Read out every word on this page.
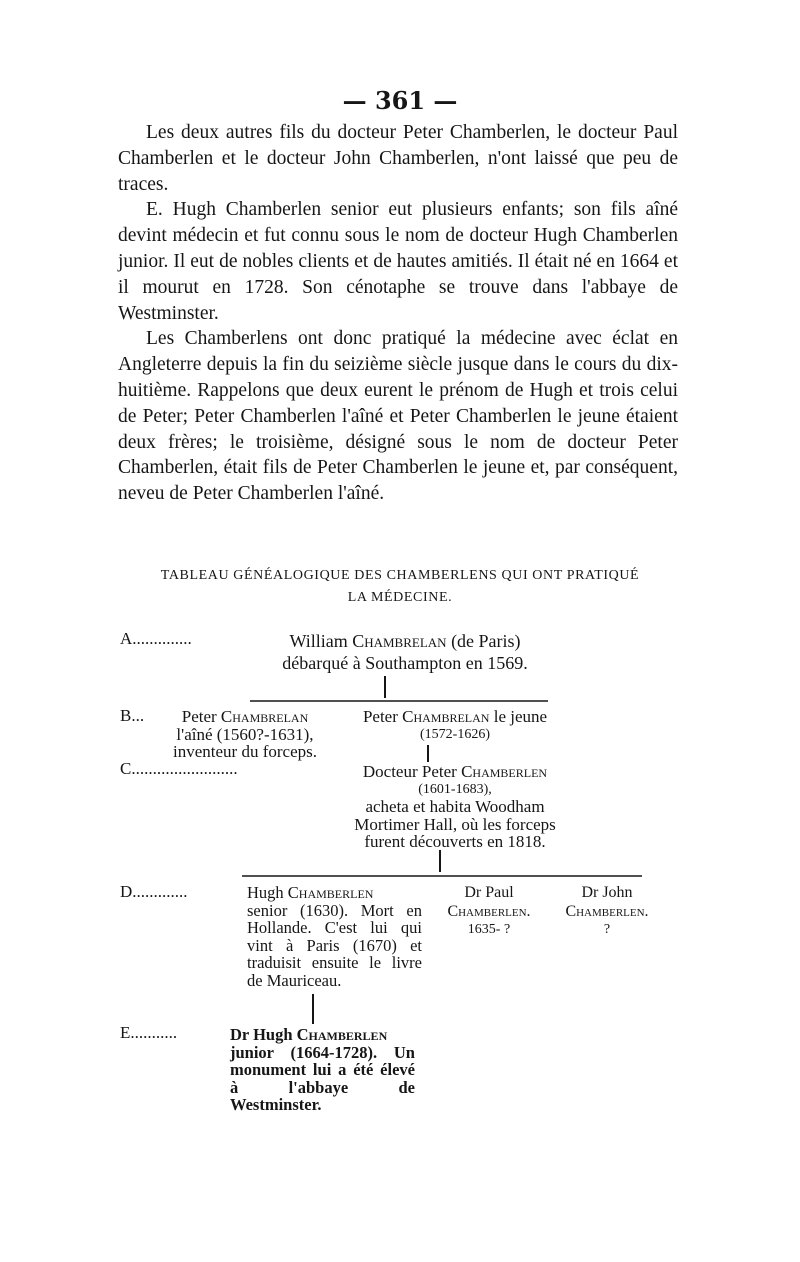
— 361 —

Les deux autres fils du docteur Peter Chamberlen, le docteur Paul Chamberlen et le docteur John Chamberlen, n'ont laissé que peu de traces.

E. Hugh Chamberlen senior eut plusieurs enfants; son fils aîné devint médecin et fut connu sous le nom de docteur Hugh Chamberlen junior. Il eut de nobles clients et de hautes amitiés. Il était né en 1664 et il mourut en 1728. Son cénotaphe se trouve dans l'abbaye de Westminster.

Les Chamberlens ont donc pratiqué la médecine avec éclat en Angleterre depuis la fin du seizième siècle jusque dans le cours du dix-huitième. Rappelons que deux eurent le prénom de Hugh et trois celui de Peter; Peter Chamberlen l'aîné et Peter Chamberlen le jeune étaient deux frères; le troisième, désigné sous le nom de docteur Peter Chamberlen, était fils de Peter Chamberlen le jeune et, par conséquent, neveu de Peter Chamberlen l'aîné.

TABLEAU GÉNÉALOGIQUE DES CHAMBERLENS QUI ONT PRATIQUÉ
LA MÉDECINE.
A..............
B...
C.........................
D.............
E...........
William Chambrelan (de Paris)
débarqué à Southampton en 1569.
Peter Chambrelan
l'aîné (1560?-1631),
inventeur du forceps.
Peter Chambrelan le jeune
(1572-1626)
Docteur Peter Chamberlen
(1601-1683),
acheta et habita Woodham
Mortimer Hall, où les forceps
furent découverts en 1818.
Hugh Chamberlen
senior (1630). Mort en Hollande. C'est lui qui vint à Paris (1670) et traduisit ensuite le livre de Mauriceau.
Dr Paul
Chamberlen.
1635- ?
Dr John
Chamberlen.
?
Dr Hugh Chamberlen
junior (1664-1728). Un monument lui a été élevé à l'abbaye de Westminster.
